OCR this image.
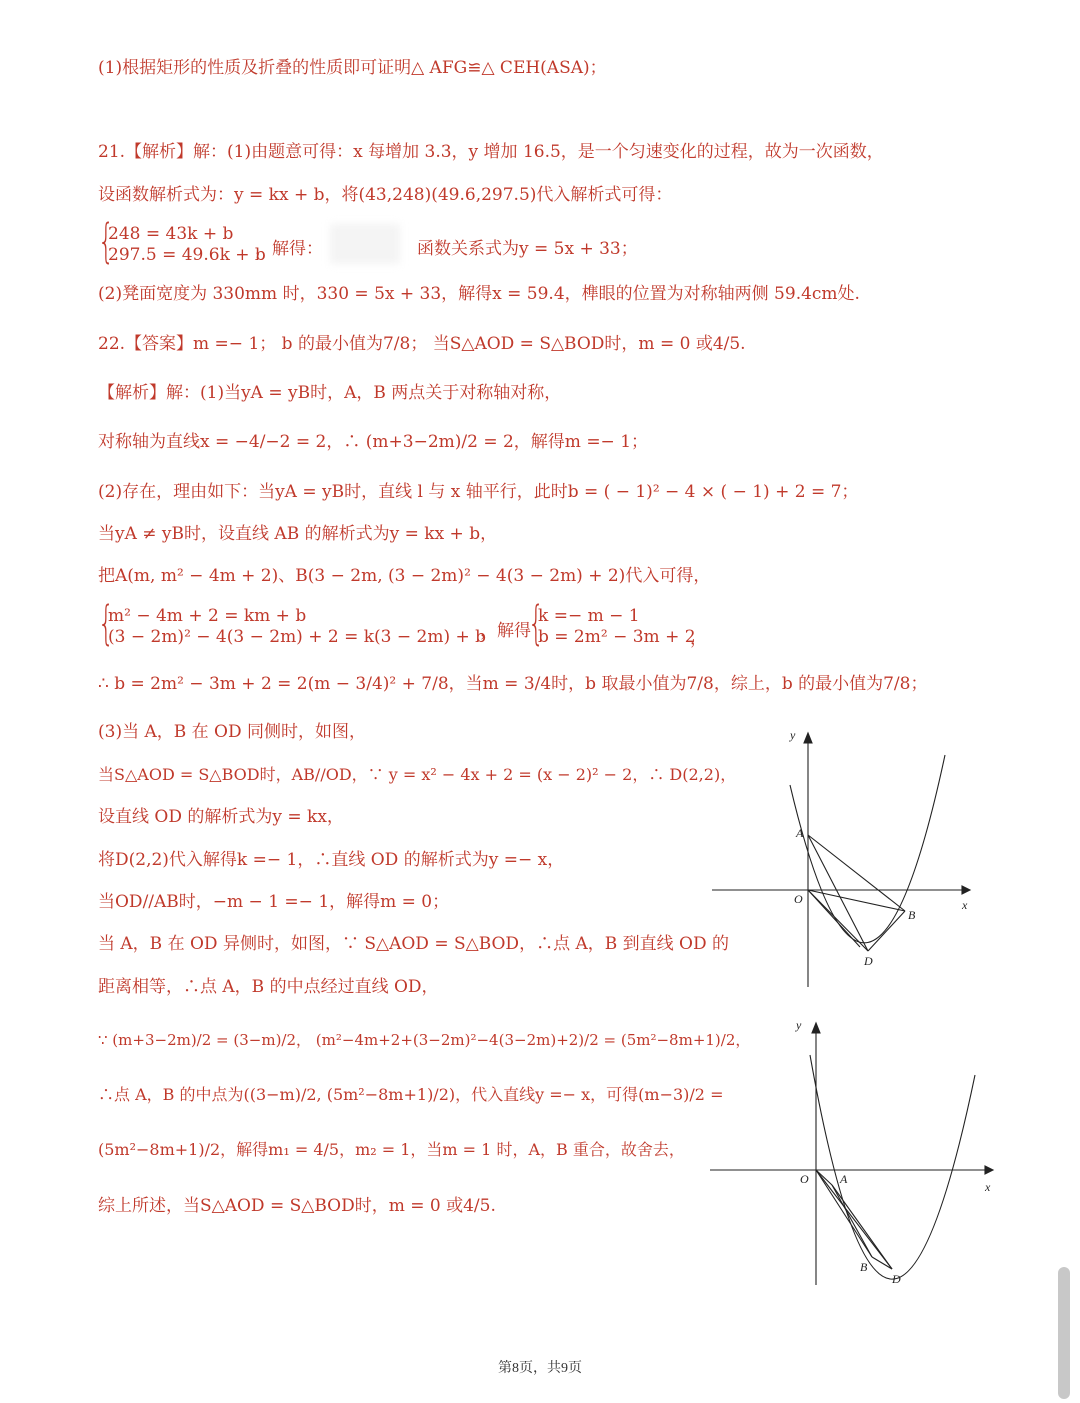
(1)根据矩形的性质及折叠的性质即可证明△ AFG≌△ CEH(ASA)；
21.【解析】解：(1)由题意可得：x 每增加 3.3，y 增加 16.5，是一个匀速变化的过程，故为一次函数，
设函数解析式为：y = kx + b，将(43,248)(49.6,297.5)代入解析式可得：
{
248 = 43k + b
297.5 = 49.6k + b
，解得：	函数关系式为y = 5x + 33；
(2)凳面宽度为 330mm 时，330 = 5x + 33，解得x = 59.4，榫眼的位置为对称轴两侧 59.4cm处.
22.【答案】m =− 1； b 的最小值为7/8； 当S△AOD = S△BOD时，m = 0 或4/5.
【解析】解：(1)当yA = yB时，A，B 两点关于对称轴对称，
对称轴为直线x = −4/−2 = 2，∴ (m+3−2m)/2 = 2，解得m =− 1；
(2)存在，理由如下：当yA = yB时，直线 l 与 x 轴平行，此时b = ( − 1)² − 4 × ( − 1) + 2 = 7；
当yA ≠ yB时，设直线 AB 的解析式为y = kx + b，
把A(m, m² − 4m + 2)、B(3 − 2m, (3 − 2m)² − 4(3 − 2m) + 2)代入可得，
{
m² − 4m + 2 = km + b
(3 − 2m)² − 4(3 − 2m) + 2 = k(3 − 2m) + b
，解得
{
k =− m − 1
b = 2m² − 3m + 2
，
∴ b = 2m² − 3m + 2 = 2(m − 3/4)² + 7/8，当m = 3/4时，b 取最小值为7/8，综上，b 的最小值为7/8；
(3)当 A，B 在 OD 同侧时，如图，
当S△AOD = S△BOD时，AB//OD，∵ y = x² − 4x + 2 = (x − 2)² − 2，∴ D(2,2)，
设直线 OD 的解析式为y = kx，
将D(2,2)代入解得k =− 1，∴直线 OD 的解析式为y =− x，
当OD//AB时，−m − 1 =− 1，解得m = 0；
当 A，B 在 OD 异侧时，如图，∵ S△AOD = S△BOD，∴点 A，B 到直线 OD 的
距离相等，∴点 A，B 的中点经过直线 OD，
∵ (m+3−2m)/2 = (3−m)/2， (m²−4m+2+(3−2m)²−4(3−2m)+2)/2 = (5m²−8m+1)/2，
∴点 A，B 的中点为((3−m)/2, (5m²−8m+1)/2)，代入直线y =− x，可得(m−3)/2 =
(5m²−8m+1)/2，解得m₁ = 4/5，m₂ = 1，当m = 1 时，A，B 重合，故舍去，
综上所述，当S△AOD = S△BOD时，m = 0 或4/5.
A
O
B
D
x
y
O	A
B
D
x
y
第8页，共9页
